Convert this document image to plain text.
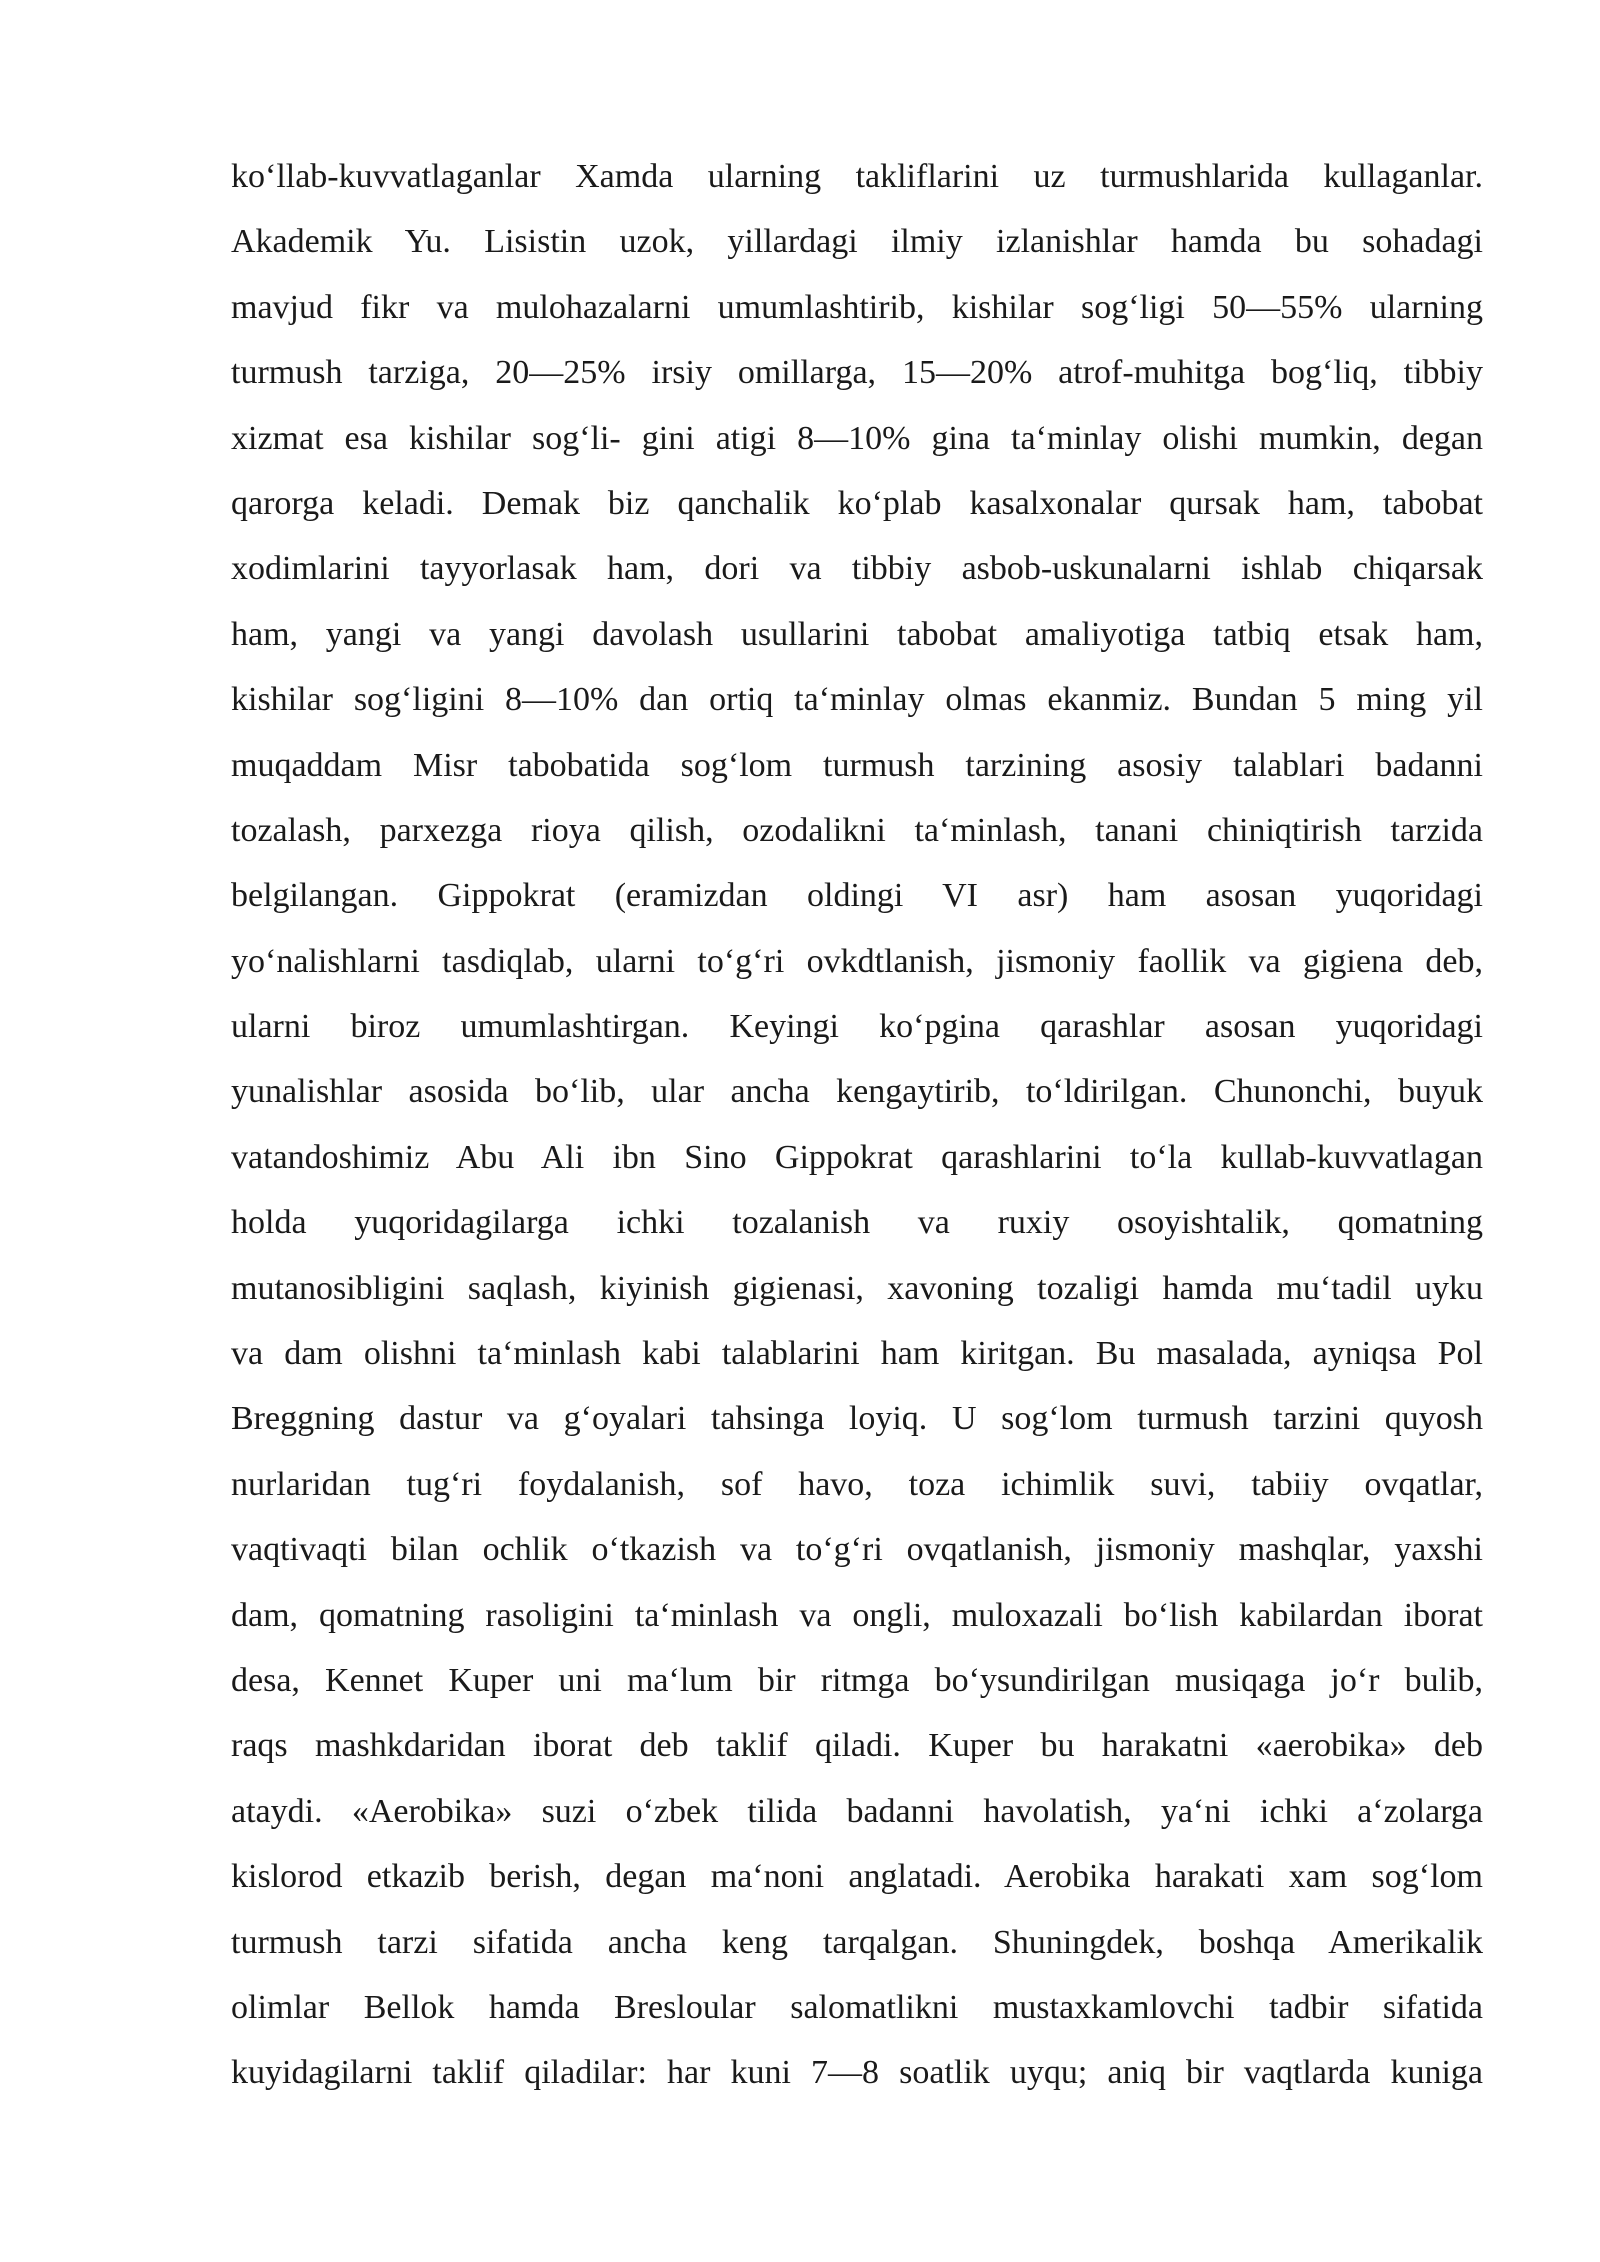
koʻllab-kuvvatlaganlar Xamda ularning takliflarini uz turmushlarida kullaganlar.
Akademik Yu. Lisistin uzok, yillardagi ilmiy izlanishlar hamda bu sohadagi
mavjud fikr va mulohazalarni umumlashtirib, kishilar sogʻligi 50—55% ularning
turmush tarziga, 20—25% irsiy omillarga, 15—20% atrof-muhitga bogʻliq, tibbiy
xizmat esa kishilar sogʻli- gini atigi 8—10% gina taʻminlay olishi mumkin, degan
qarorga keladi. Demak biz qanchalik koʻplab kasalxonalar qursak ham, tabobat
xodimlarini tayyorlasak ham, dori va tibbiy asbob-uskunalarni ishlab chiqarsak
ham, yangi va yangi davolash usullarini tabobat amaliyotiga tatbiq etsak ham,
kishilar sogʻligini 8—10% dan ortiq taʻminlay olmas ekanmiz. Bundan 5 ming yil
muqaddam Misr tabobatida sogʻlom turmush tarzining asosiy talablari badanni
tozalash, parxezga rioya qilish, ozodalikni taʻminlash, tanani chiniqtirish tarzida
belgilangan. Gippokrat (eramizdan oldingi VI asr) ham asosan yuqoridagi
yoʻnalishlarni tasdiqlab, ularni toʻgʻri ovkdtlanish, jismoniy faollik va gigiena deb,
ularni biroz umumlashtirgan. Keyingi koʻpgina qarashlar asosan yuqoridagi
yunalishlar asosida boʻlib, ular ancha kengaytirib, toʻldirilgan. Chunonchi, buyuk
vatandoshimiz Abu Ali ibn Sino Gippokrat qarashlarini toʻla kullab-kuvvatlagan
holda yuqoridagilarga ichki tozalanish va ruxiy osoyishtalik, qomatning
mutanosibligini saqlash, kiyinish gigienasi, xavoning tozaligi hamda muʻtadil uyku
va dam olishni taʻminlash kabi talablarini ham kiritgan. Bu masalada, ayniqsa Pol
Breggning dastur va gʻoyalari tahsinga loyiq. U sogʻlom turmush tarzini quyosh
nurlaridan tugʻri foydalanish, sof havo, toza ichimlik suvi, tabiiy ovqatlar,
vaqtivaqti bilan ochlik oʻtkazish va toʻgʻri ovqatlanish, jismoniy mashqlar, yaxshi
dam, qomatning rasoligini taʻminlash va ongli, muloxazali boʻlish kabilardan iborat
desa, Kennet Kuper uni maʻlum bir ritmga boʻysundirilgan musiqaga joʻr bulib,
raqs mashkdaridan iborat deb taklif qiladi. Kuper bu harakatni «aerobika» deb
ataydi. «Aerobika» suzi oʻzbek tilida badanni havolatish, yaʻni ichki aʻzolarga
kislorod etkazib berish, degan maʻnoni anglatadi. Aerobika harakati xam sogʻlom
turmush tarzi sifatida ancha keng tarqalgan. Shuningdek, boshqa Amerikalik
olimlar Bellok hamda Bresloular salomatlikni mustaxkamlovchi tadbir sifatida
kuyidagilarni taklif qiladilar: har kuni 7—8 soatlik uyqu; aniq bir vaqtlarda kuniga
